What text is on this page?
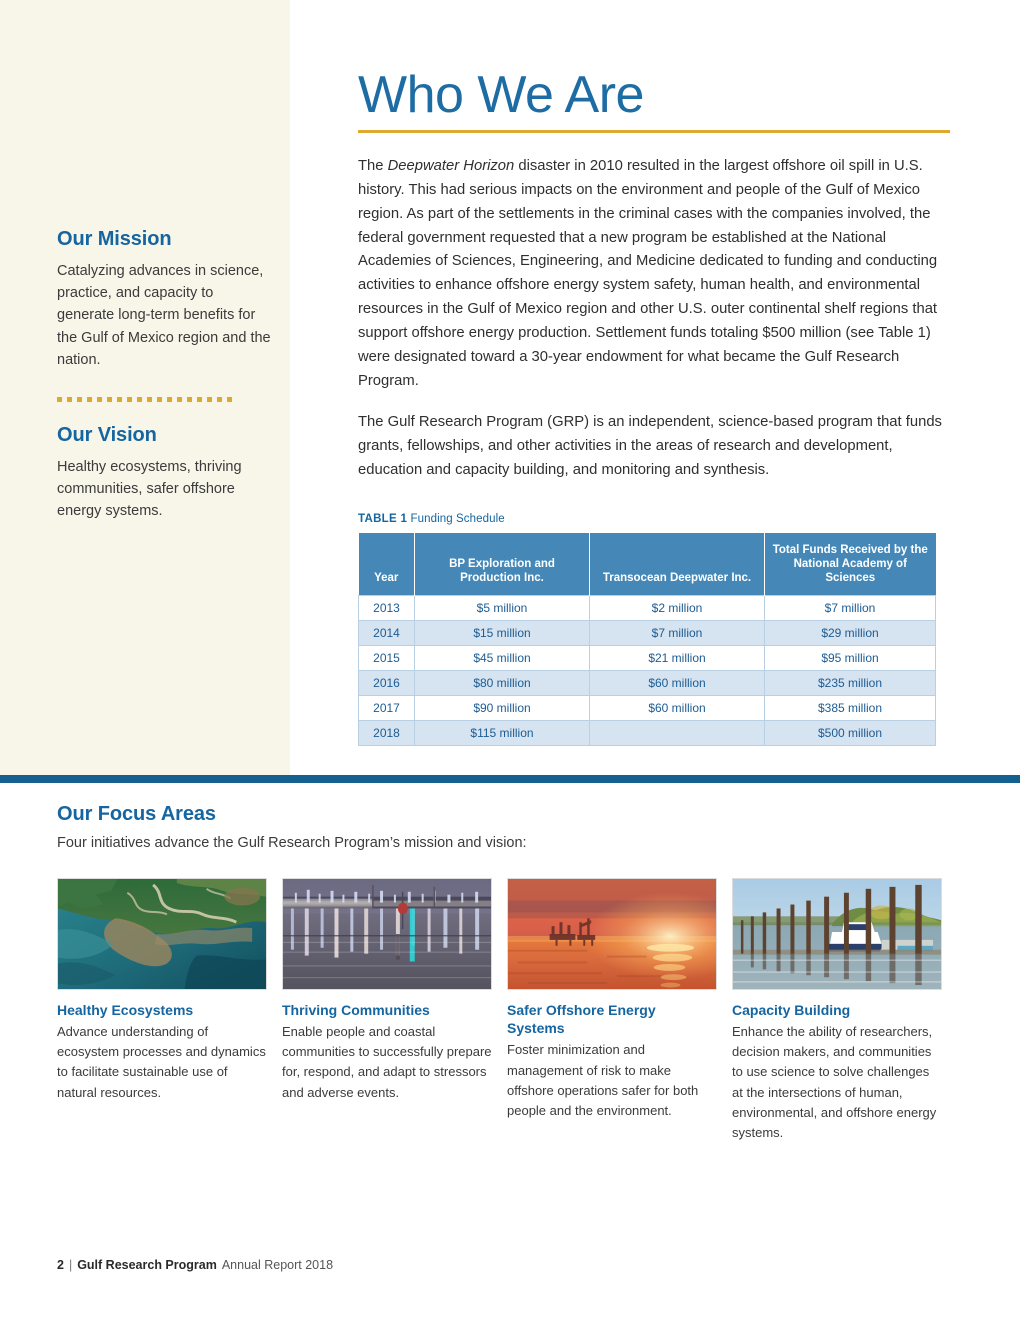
Our Mission
Catalyzing advances in science, practice, and capacity to generate long-term benefits for the Gulf of Mexico region and the nation.
Our Vision
Healthy ecosystems, thriving communities, safer offshore energy systems.
Who We Are

The Deepwater Horizon disaster in 2010 resulted in the largest offshore oil spill in U.S. history. This had serious impacts on the environment and people of the Gulf of Mexico region. As part of the settlements in the criminal cases with the companies involved, the federal government requested that a new program be established at the National Academies of Sciences, Engineering, and Medicine dedicated to funding and conducting activities to enhance offshore energy system safety, human health, and environmental resources in the Gulf of Mexico region and other U.S. outer continental shelf regions that support offshore energy production. Settlement funds totaling $500 million (see Table 1) were designated toward a 30-year endowment for what became the Gulf Research Program.

The Gulf Research Program (GRP) is an independent, science-based program that funds grants, fellowships, and other activities in the areas of research and development, education and capacity building, and monitoring and synthesis.

TABLE 1 Funding Schedule
Year	BP Exploration and Production Inc.	Transocean Deepwater Inc.	Total Funds Received by the National Academy of Sciences
2013	$5 million	$2 million	$7 million
2014	$15 million	$7 million	$29 million
2015	$45 million	$21 million	$95 million
2016	$80 million	$60 million	$235 million
2017	$90 million	$60 million	$385 million
2018	$115 million		$500 million
Our Focus Areas
Four initiatives advance the Gulf Research Program’s mission and vision:
Healthy Ecosystems
Advance understanding of ecosystem processes and dynamics to facilitate sustainable use of natural resources.
Thriving Communities
Enable people and coastal communities to successfully prepare for, respond, and adapt to stressors and adverse events.
Safer Offshore Energy Systems
Foster minimization and management of risk to make offshore operations safer for both people and the environment.
Capacity Building
Enhance the ability of researchers, decision makers, and communities to use science to solve challenges at the intersections of human, environmental, and offshore energy systems.
2 | Gulf Research Program Annual Report 2018
